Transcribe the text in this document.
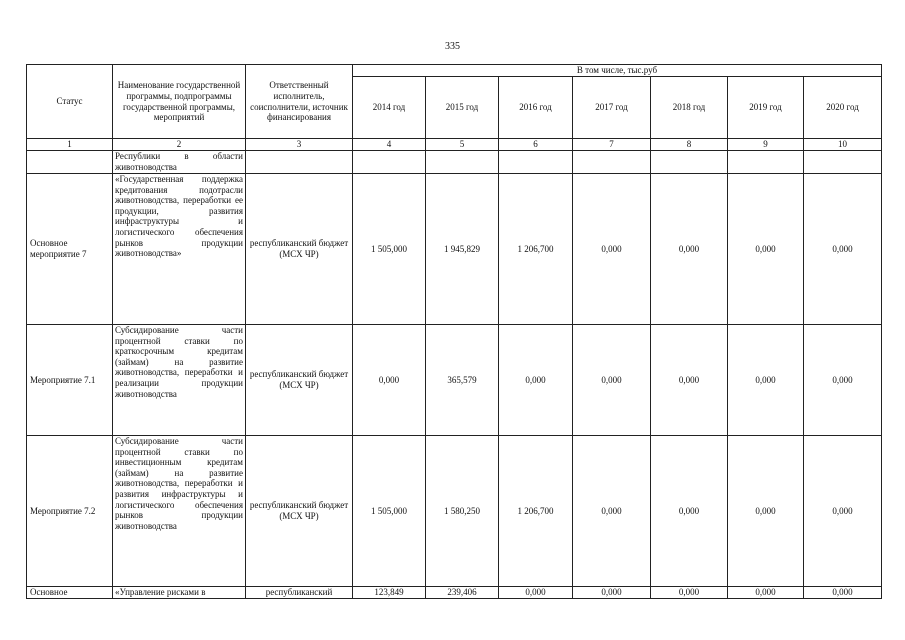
335
Статус	Наименование государственной программы, подпрограммы государственной программы, мероприятий	Ответственный исполнитель, соисполнители, источник финансирования	В том числе, тыс.руб						
			2014 год	2015 год	2016 год	2017 год	2018 год	2019 год	2020 год
1	2	3	4	5	6	7	8	9	10
	Республики в области животноводства								
Основное мероприятие 7	«Государственная поддержка кредитования подотрасли животноводства, переработки ее продукции, развития инфраструктуры и логистического обеспечения рынков продукции животноводства»	республиканский бюджет (МСХ ЧР)	1 505,000	1 945,829	1 206,700	0,000	0,000	0,000	0,000
Мероприятие 7.1	Субсидирование части процентной ставки по краткосрочным кредитам (займам) на развитие животноводства, переработки и реализации продукции животноводства	республиканский бюджет (МСХ ЧР)	0,000	365,579	0,000	0,000	0,000	0,000	0,000
Мероприятие 7.2	Субсидирование части процентной ставки по инвестиционным кредитам (займам) на развитие животноводства, переработки и развития инфраструктуры и логистического обеспечения рынков продукции животноводства	республиканский бюджет (МСХ ЧР)	1 505,000	1 580,250	1 206,700	0,000	0,000	0,000	0,000
Основное	«Управление рисками в	республиканский	123,849	239,406	0,000	0,000	0,000	0,000	0,000
